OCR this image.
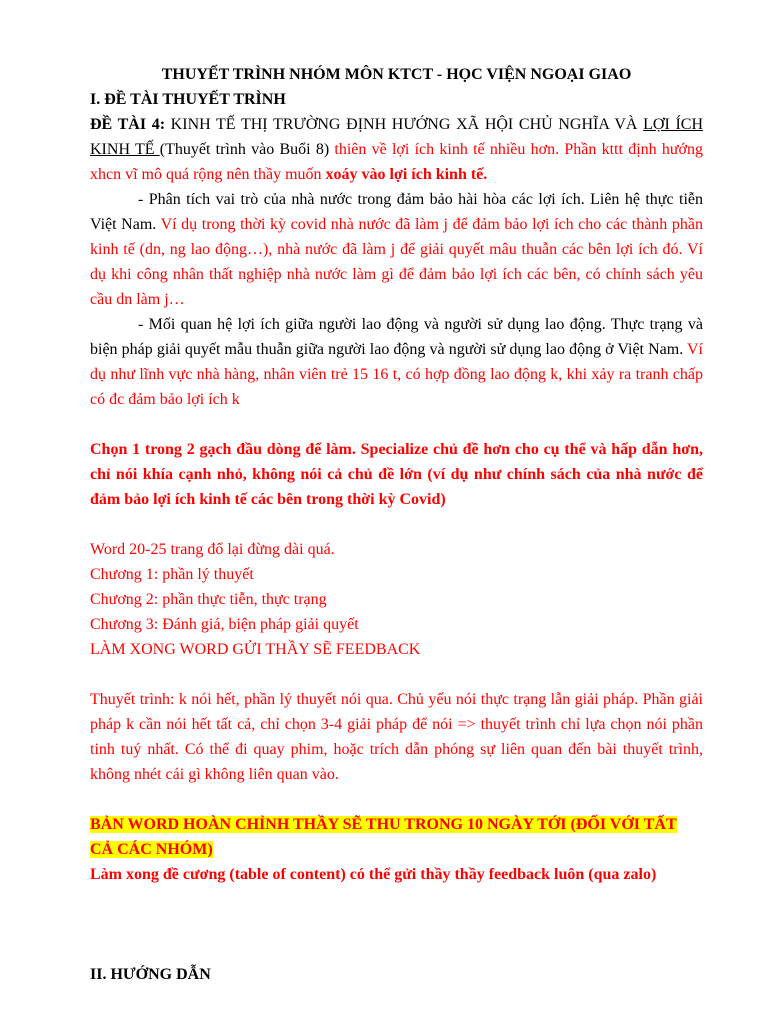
THUYẾT TRÌNH NHÓM MÔN KTCT - HỌC VIỆN NGOẠI GIAO

I. ĐỀ TÀI THUYẾT TRÌNH

ĐỀ TÀI 4: KINH TẾ THỊ TRƯỜNG ĐỊNH HƯỚNG XÃ HỘI CHỦ NGHĨA VÀ LỢI ÍCH KINH TẾ (Thuyết trình vào Buổi 8) thiên về lợi ích kinh tế nhiều hơn. Phần kttt định hướng xhcn vĩ mô quá rộng nên thầy muốn xoáy vào lợi ích kinh tế.

- Phân tích vai trò của nhà nước trong đảm bảo hài hòa các lợi ích. Liên hệ thực tiễn Việt Nam. Ví dụ trong thời kỳ covid nhà nước đã làm j để đảm bảo lợi ích cho các thành phần kinh tế (dn, ng lao động…), nhà nước đã làm j để giải quyết mâu thuẫn các bên lợi ích đó. Ví dụ khi công nhân thất nghiệp nhà nước làm gì để đảm bảo lợi ích các bên, có chính sách yêu cầu dn làm j…

- Mối quan hệ lợi ích giữa người lao động và người sử dụng lao động. Thực trạng và biện pháp giải quyết mẫu thuẫn giữa người lao động và người sử dụng lao động ở Việt Nam. Ví dụ như lĩnh vực nhà hàng, nhân viên trẻ 15 16 t, có hợp đồng lao động k, khi xảy ra tranh chấp có đc đảm bảo lợi ích k

Chọn 1 trong 2 gạch đầu dòng để làm. Specialize chủ đề hơn cho cụ thể và hấp dẫn hơn, chỉ nói khía cạnh nhỏ, không nói cả chủ đề lớn (ví dụ như chính sách của nhà nước để đảm bảo lợi ích kinh tế các bên trong thời kỳ Covid)

Word 20-25 trang đổ lại đừng dài quá.

Chương 1: phần lý thuyết

Chương 2: phần thực tiễn, thực trạng

Chương 3: Đánh giá, biện pháp giải quyết

LÀM XONG WORD GỬI THẦY SẼ FEEDBACK

Thuyết trình: k nói hết, phần lý thuyết nói qua. Chủ yếu nói thực trạng lẫn giải pháp. Phần giải pháp k cần nói hết tất cả, chỉ chọn 3-4 giải pháp để nói => thuyết trình chỉ lựa chọn nói phần tinh tuý nhất. Có thể đi quay phim, hoặc trích dẫn phóng sự liên quan đến bài thuyết trình, không nhét cái gì không liên quan vào.

BẢN WORD HOÀN CHỈNH THẦY SẼ THU TRONG 10 NGÀY TỚI (ĐỐI VỚI TẤT CẢ CÁC NHÓM)

Làm xong đề cương (table of content) có thể gửi thầy thầy feedback luôn (qua zalo)

II. HƯỚNG DẪN
